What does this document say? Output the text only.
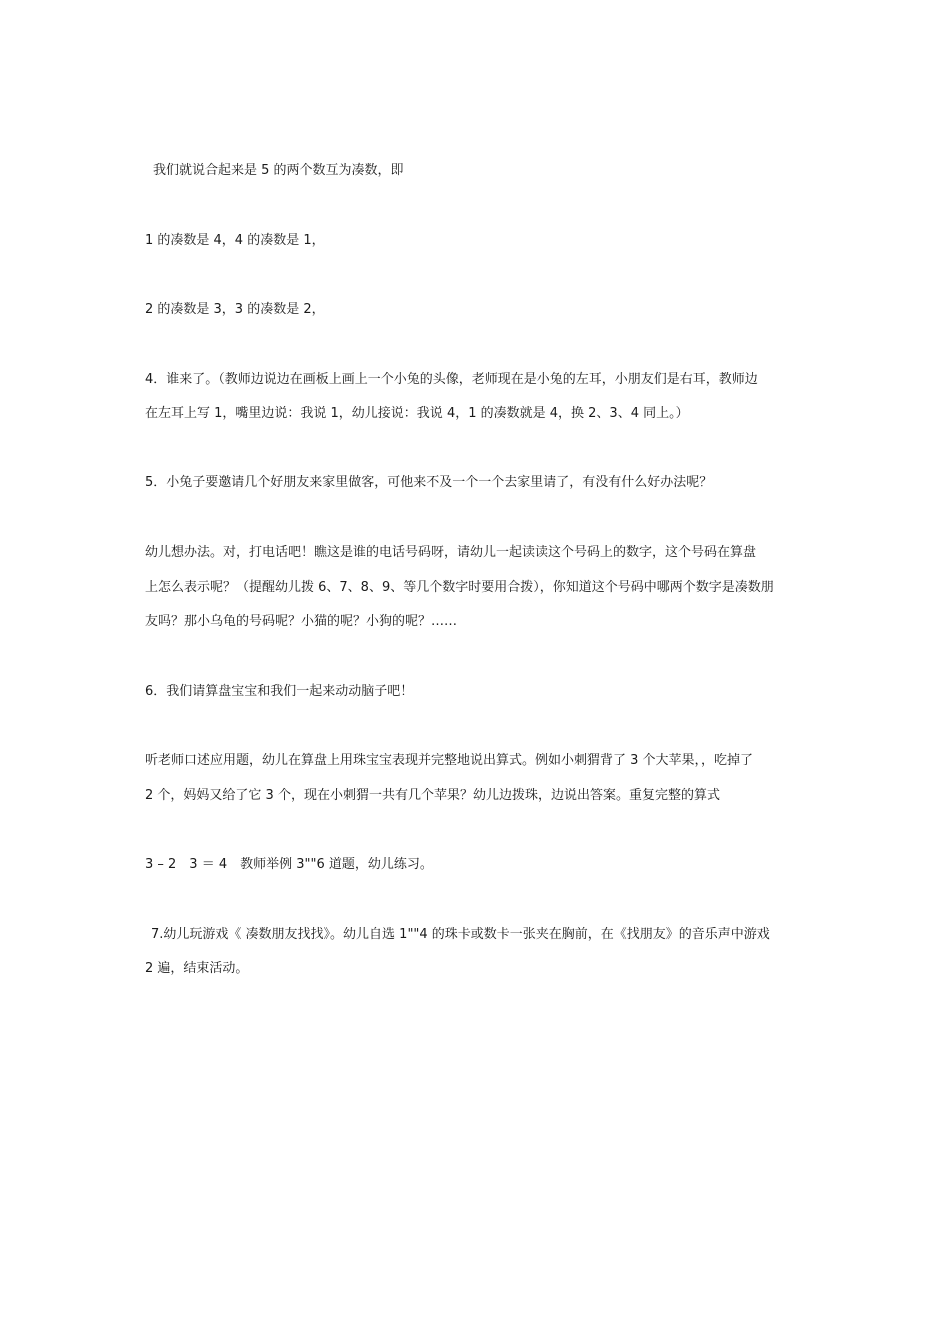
我们就说合起来是 5 的两个数互为凑数，即
1 的凑数是 4，4 的凑数是 1，
2 的凑数是 3，3 的凑数是 2，
4．谁来了。（教师边说边在画板上画上一个小兔的头像，老师现在是小兔的左耳，小朋友们是右耳，教师边
在左耳上写 1，嘴里边说：我说 1，幼儿接说：我说 4，1 的凑数就是 4，换 2、3、4 同上。）
5．小兔子要邀请几个好朋友来家里做客，可他来不及一个一个去家里请了，有没有什么好办法呢？
幼儿想办法。对，打电话吧！瞧这是谁的电话号码呀，请幼儿一起读读这个号码上的数字，这个号码在算盘
上怎么表示呢？（提醒幼儿拨 6、7、8、9、等几个数字时要用合拨），你知道这个号码中哪两个数字是凑数朋
友吗？那小乌龟的号码呢？小猫的呢？小狗的呢？……
6．我们请算盘宝宝和我们一起来动动脑子吧！
听老师口述应用题，幼儿在算盘上用珠宝宝表现并完整地说出算式。例如小刺猬背了 3 个大苹果，，吃掉了
2 个，妈妈又给了它 3 个，现在小刺猬一共有几个苹果？幼儿边拨珠，边说出答案。重复完整的算式
3 – 2　3 ＝ 4　教师举例 3""6 道题，幼儿练习。
7.幼儿玩游戏《 凑数朋友找找》。幼儿自选 1""4 的珠卡或数卡一张夹在胸前，在《找朋友》的音乐声中游戏
2 遍，结束活动。
